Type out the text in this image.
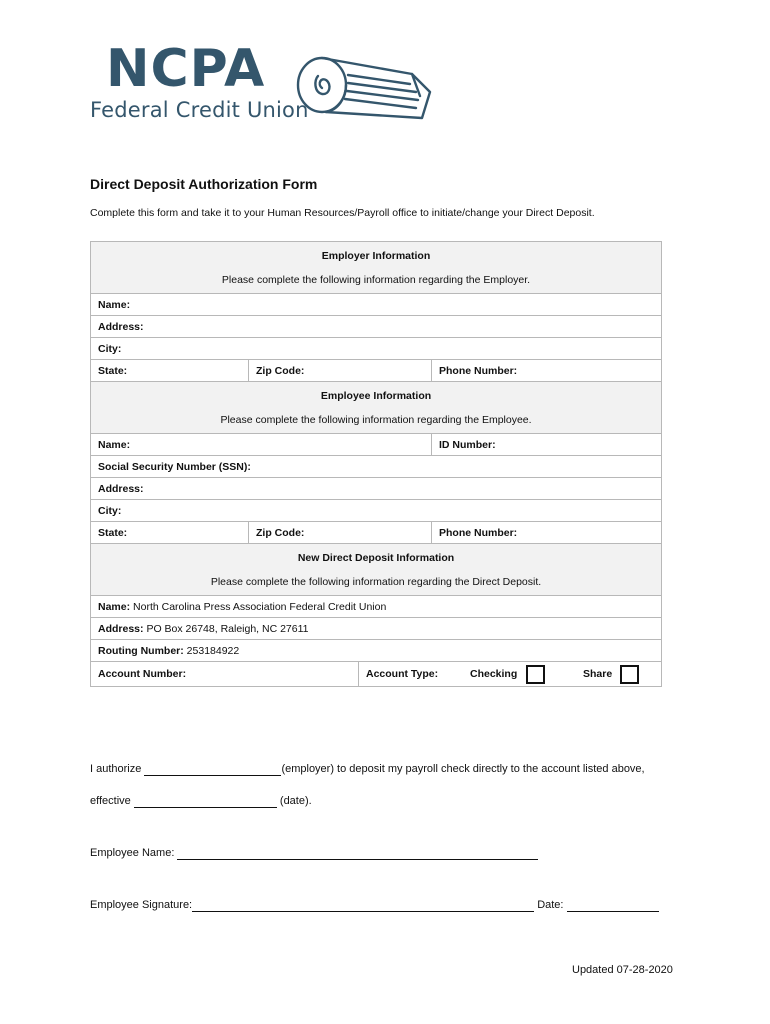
NCPA
Federal Credit Union
Direct Deposit Authorization Form
Complete this form and take it to your Human Resources/Payroll office to initiate/change your Direct Deposit.
Employer Information
Please complete the following information regarding the Employer.			

Name:			
Address:			
City:			
State:	Zip Code:		Phone Number:

Employee Information
Please complete the following information regarding the Employee.			

Name:			ID Number:
Social Security Number (SSN):			
Address:			
City:			
State:	Zip Code:		Phone Number:

New Direct Deposit Information
Please complete the following information regarding the Direct Deposit.			

Name: North Carolina Press Association Federal Credit Union			
Address: PO Box 26748, Raleigh, NC 27611			
Routing Number: 253184922			
Account Number:		Account Type: Checking Share	
I authorize	(employer) to deposit my payroll check directly to the account listed above,
effective	(date).
Employee Name:
Employee Signature:	Date:
Updated 07-28-2020
